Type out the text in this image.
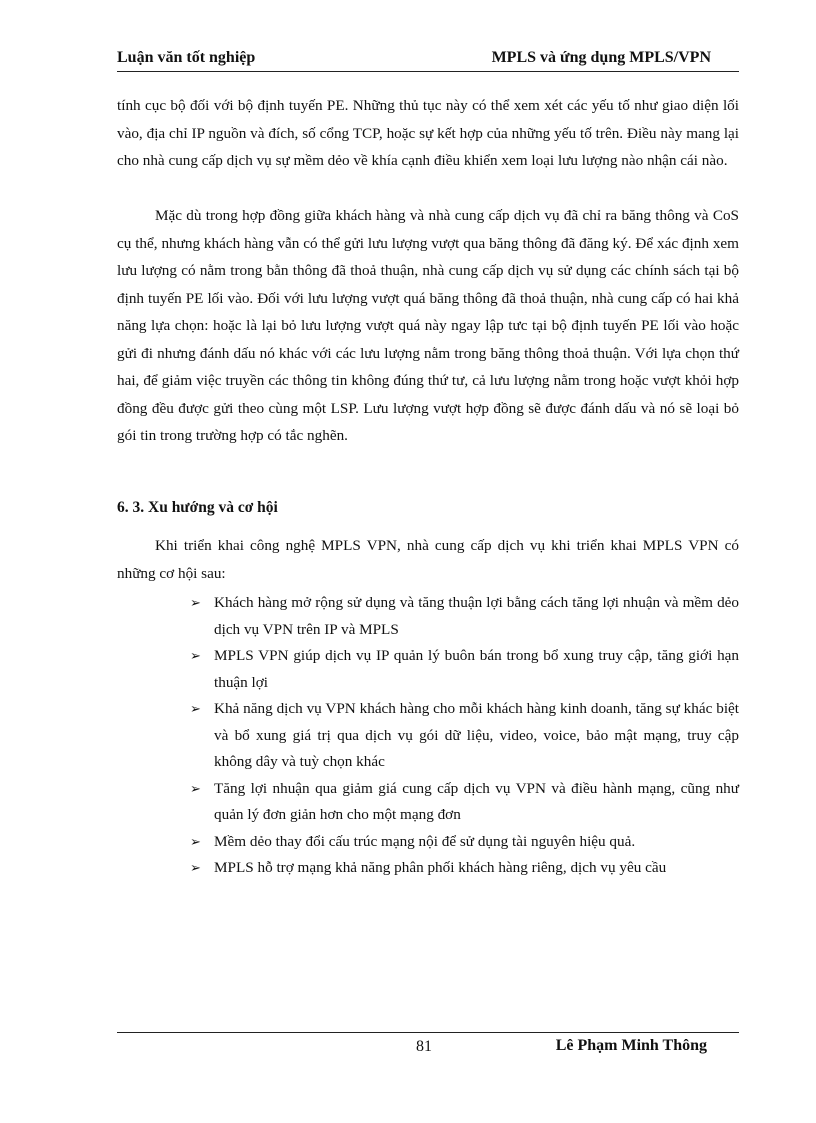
Luận văn tốt nghiệp	MPLS và ứng dụng MPLS/VPN

tính cục bộ đối với bộ định tuyến PE. Những thủ tục này có thể xem xét các yếu tố như giao diện lối vào, địa chỉ IP nguồn và đích, số cổng TCP, hoặc sự kết hợp của những yếu tố trên. Điều này mang lại cho nhà cung cấp dịch vụ sự mềm dẻo về khía cạnh điều khiển xem loại lưu lượng nào nhận cái nào.

Mặc dù trong hợp đồng giữa khách hàng và nhà cung cấp dịch vụ đã chỉ ra băng thông và CoS cụ thể, nhưng khách hàng vẫn có thể gửi lưu lượng vượt qua băng thông đã đăng ký. Để xác định xem lưu lượng có nằm trong bằn thông đã thoả thuận, nhà cung cấp dịch vụ sử dụng các chính sách tại bộ định tuyến PE lối vào. Đối với lưu lượng vượt quá băng thông đã thoả thuận, nhà cung cấp có hai khả năng lựa chọn: hoặc là lại bỏ lưu lượng vượt quá này ngay lập tưc tại bộ định tuyến PE lối vào hoặc gửi đi nhưng đánh dấu nó khác với các lưu lượng nằm trong băng thông thoả thuận. Với lựa chọn thứ hai, để giảm việc truyền các thông tin không đúng thứ tư, cả lưu lượng nằm trong hoặc vượt khỏi hợp đồng đều được gửi theo cùng một LSP. Lưu lượng vượt hợp đồng sẽ được đánh dấu và nó sẽ loại bỏ gói tin trong trường hợp có tắc nghẽn.

6. 3. Xu hướng và cơ hội

Khi triển khai công nghệ MPLS VPN, nhà cung cấp dịch vụ khi triển khai MPLS VPN có những cơ hội sau:

➢ Khách hàng mở rộng sử dụng và tăng thuận lợi bằng cách tăng lợi nhuận và mềm dẻo dịch vụ VPN trên IP và MPLS
➢ MPLS VPN giúp dịch vụ IP quản lý buôn bán trong bổ xung truy cập, tăng giới hạn thuận lợi
➢ Khả năng dịch vụ VPN khách hàng cho mỗi khách hàng kinh doanh, tăng sự khác biệt và bổ xung giá trị qua dịch vụ gói dữ liệu, video, voice, bảo mật mạng, truy cập không dây và tuỳ chọn khác
➢ Tăng lợi nhuận qua giảm giá cung cấp dịch vụ VPN và điều hành mạng, cũng như quản lý đơn giản hơn cho một mạng đơn
➢ Mềm dẻo thay đổi cấu trúc mạng nội để sử dụng tài nguyên hiệu quả.
➢ MPLS hỗ trợ mạng khả năng phân phối khách hàng riêng, dịch vụ yêu cầu
81	Lê Phạm Minh Thông
